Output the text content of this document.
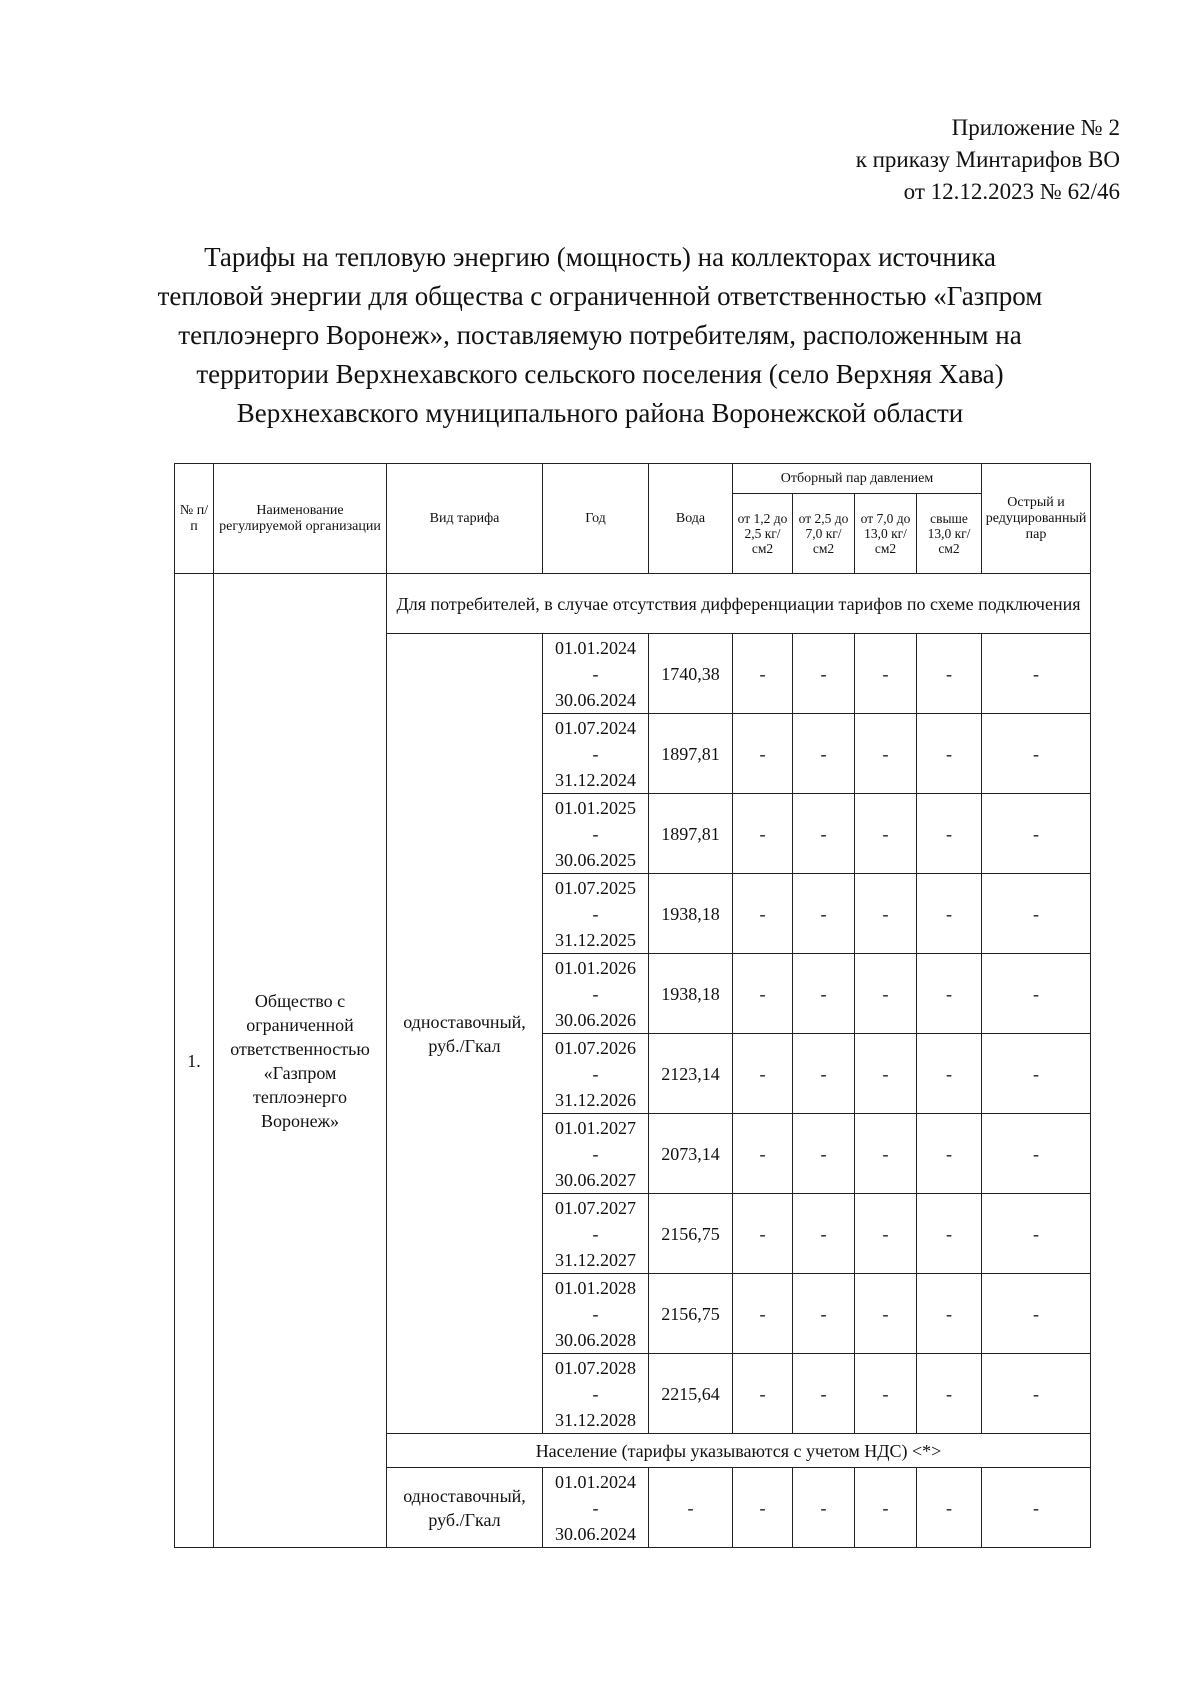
Приложение № 2
к приказу Минтарифов ВО
от 12.12.2023 № 62/46
Тарифы на тепловую энергию (мощность) на коллекторах источника
тепловой энергии для общества с ограниченной ответственностью «Газпром
теплоэнерго Воронеж», поставляемую потребителям, расположенным на
территории Верхнехавского сельского поселения (село Верхняя Хава)
Верхнехавского муниципального района Воронежской области
№ п/п	Наименование регулируемой организации	Вид тарифа	Год	Вода	Отборный пар давлением				Острый и редуцированный пар
					от 1,2 до 2,5 кг/см2	от 2,5 до 7,0 кг/см2	от 7,0 до 13,0 кг/см2	свыше 13,0 кг/см2	
1.	Общество с ограниченной ответственностью «Газпром теплоэнерго Воронеж»	Для потребителей, в случае отсутствия дифференциации тарифов по схеме подключения							
		одноставочный, руб./Гкал	01.01.2024
-
30.06.2024	1740,38	-	-	-	-	-

			01.07.2024
-
31.12.2024	1897,81	-	-	-	-	-

			01.01.2025
-
30.06.2025	1897,81	-	-	-	-	-

			01.07.2025
-
31.12.2025	1938,18	-	-	-	-	-

			01.01.2026
-
30.06.2026	1938,18	-	-	-	-	-

			01.07.2026
-
31.12.2026	2123,14	-	-	-	-	-

			01.01.2027
-
30.06.2027	2073,14	-	-	-	-	-

			01.07.2027
-
31.12.2027	2156,75	-	-	-	-	-

			01.01.2028
-
30.06.2028	2156,75	-	-	-	-	-

			01.07.2028
-
31.12.2028	2215,64	-	-	-	-	-
		Население (тарифы указываются с учетом НДС) <*>							
		одноставочный, руб./Гкал	01.01.2024
-
30.06.2024	-	-	-	-	-	-
